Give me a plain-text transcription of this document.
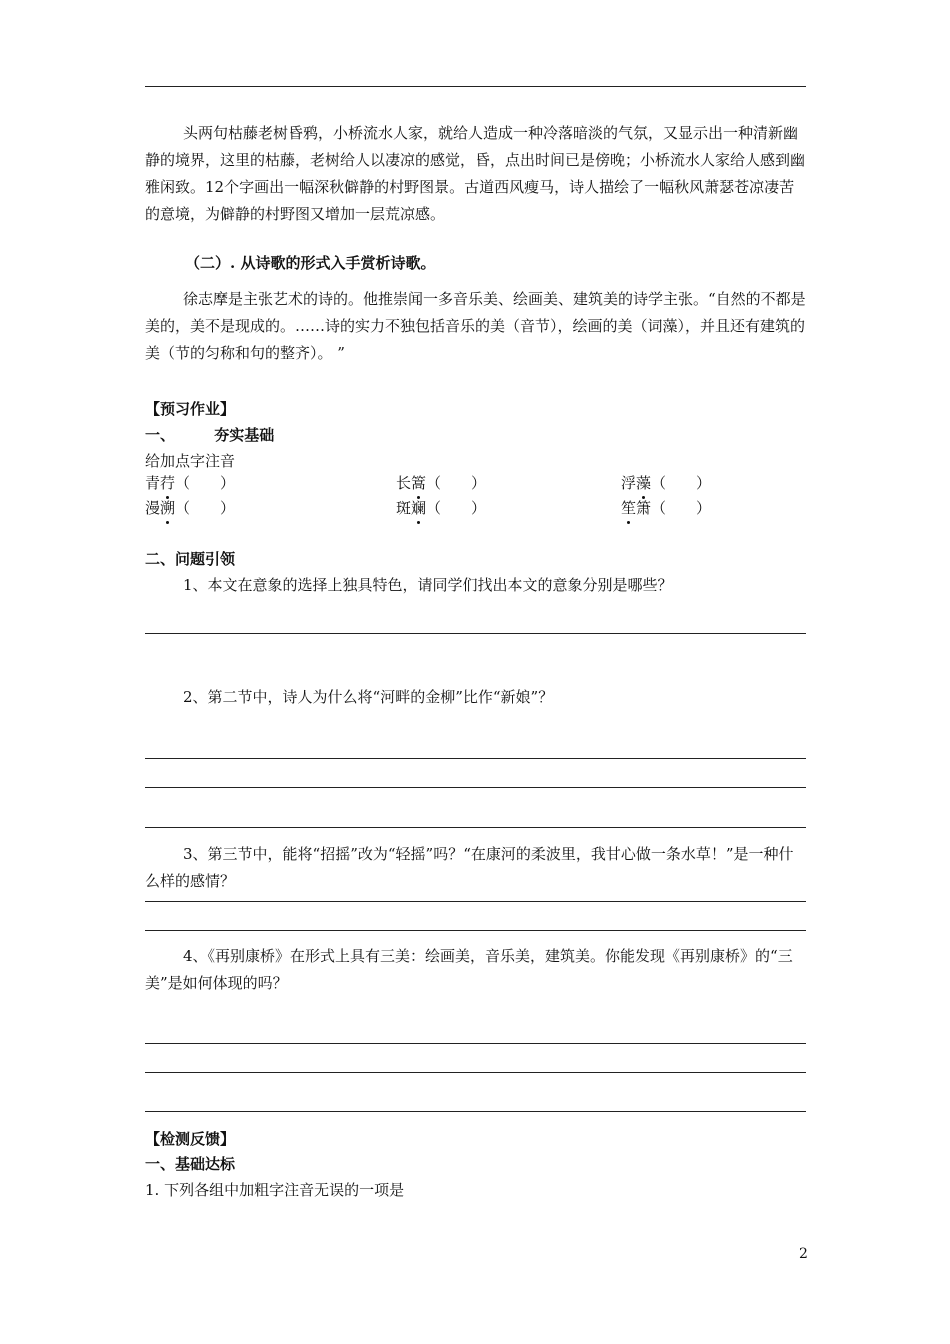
头两句枯藤老树昏鸦，小桥流水人家，就给人造成一种冷落暗淡的气氛，又显示出一种清新幽静的境界，这里的枯藤，老树给人以凄凉的感觉，昏，点出时间已是傍晚；小桥流水人家给人感到幽雅闲致。12个字画出一幅深秋僻静的村野图景。古道西风瘦马，诗人描绘了一幅秋风萧瑟苍凉凄苦的意境，为僻静的村野图又增加一层荒凉感。
（二）. 从诗歌的形式入手赏析诗歌。
徐志摩是主张艺术的诗的。他推崇闻一多音乐美、绘画美、建筑美的诗学主张。“自然的不都是美的，美不是现成的。……诗的实力不独包括音乐的美（音节），绘画的美（词藻），并且还有建筑的美（节的匀称和句的整齐）。 ”
【预习作业】
一、	夯实基础
给加点字注音
青荇（　　）	长篙（　　）	浮藻（　　）
漫溯（　　）	斑斓（　　）	笙箫（　　）
二、问题引领
1、本文在意象的选择上独具特色，请同学们找出本文的意象分别是哪些？
2、第二节中，诗人为什么将“河畔的金柳”比作“新娘”？
3、第三节中，能将“招摇”改为“轻摇”吗？“在康河的柔波里，我甘心做一条水草！”是一种什么样的感情？
4、《再别康桥》在形式上具有三美：绘画美，音乐美，建筑美。你能发现《再别康桥》的“三美”是如何体现的吗？
【检测反馈】
一、基础达标
1. 下列各组中加粗字注音无误的一项是
2
